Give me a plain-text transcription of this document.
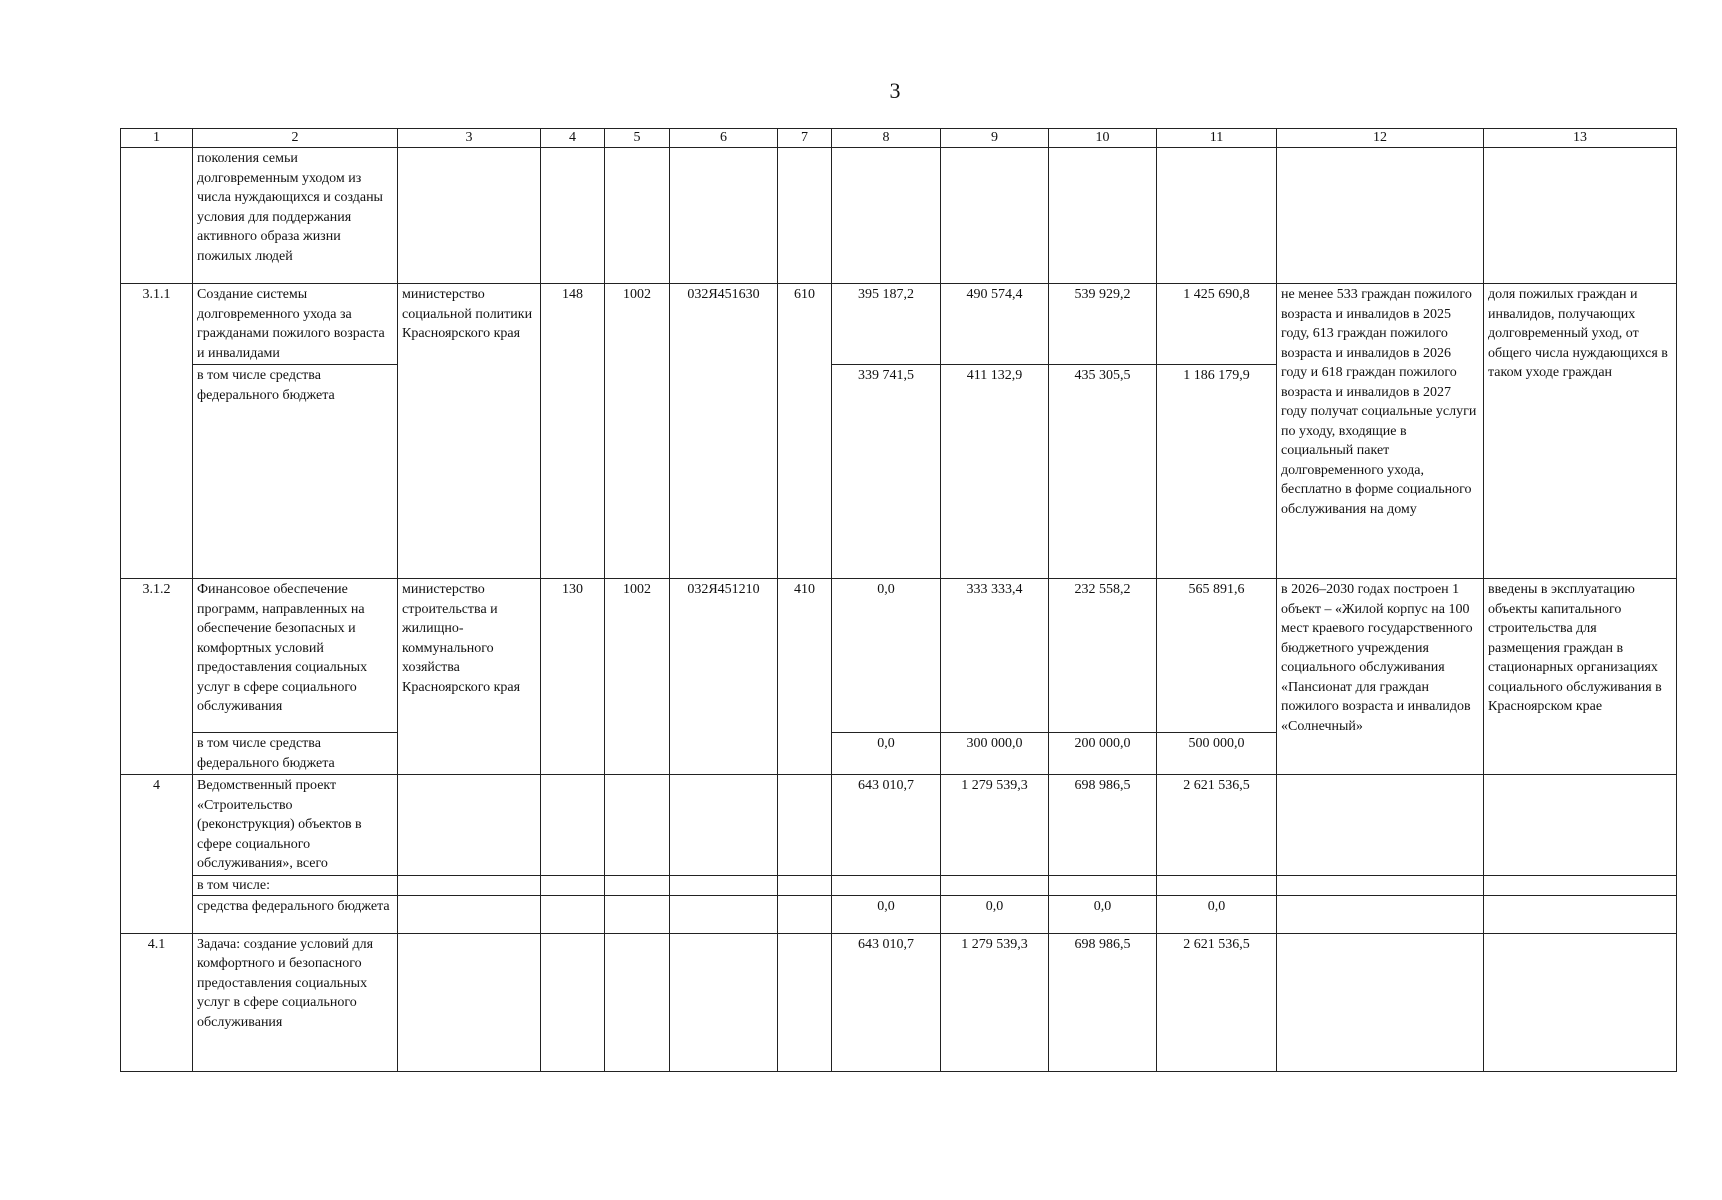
3
1	2	3	4	5	6	7	8	9	10	11	12	13
	поколения семьи долговременным уходом из числа нуждающихся и созданы условия для поддержания активного образа жизни пожилых людей											
3.1.1	Создание системы долговременного ухода за гражданами пожилого возраста и инвалидами	министерство социальной политики Красноярского края	148	1002	032Я451630	610	395 187,2	490 574,4	539 929,2	1 425 690,8	не менее 533 граждан пожилого возраста и инвалидов в 2025 году, 613 граждан пожилого возраста и инвалидов в 2026 году и 618 граждан пожилого возраста и инвалидов в 2027 году получат социальные услуги по уходу, входящие в социальный пакет долговременного ухода, бесплатно в форме социального обслуживания на дому	доля пожилых граждан и инвалидов, получающих долговременный уход, от общего числа нуждающихся в таком уходе граждан
	в том числе средства федерального бюджета						339 741,5	411 132,9	435 305,5	1 186 179,9		
3.1.2	Финансовое обеспечение программ, направленных на обеспечение безопасных и комфортных условий предоставления социальных услуг в сфере социального обслуживания	министерство строительства и жилищно-коммунального хозяйства Красноярского края	130	1002	032Я451210	410	0,0	333 333,4	232 558,2	565 891,6	в 2026–2030 годах построен 1 объект – «Жилой корпус на 100 мест краевого государственного бюджетного учреждения социального обслуживания «Пансионат для граждан пожилого возраста и инвалидов «Солнечный»	введены в эксплуатацию объекты капитального строительства для размещения граждан в стационарных организациях социального обслуживания в Красноярском крае
	в том числе средства федерального бюджета						0,0	300 000,0	200 000,0	500 000,0		
4	Ведомственный проект «Строительство (реконструкция) объектов в сфере социального обслуживания», всего						643 010,7	1 279 539,3	698 986,5	2 621 536,5		
	в том числе:											
	средства федерального бюджета						0,0	0,0	0,0	0,0		
4.1	Задача: создание условий для комфортного и безопасного предоставления социальных услуг в сфере социального обслуживания						643 010,7	1 279 539,3	698 986,5	2 621 536,5		
